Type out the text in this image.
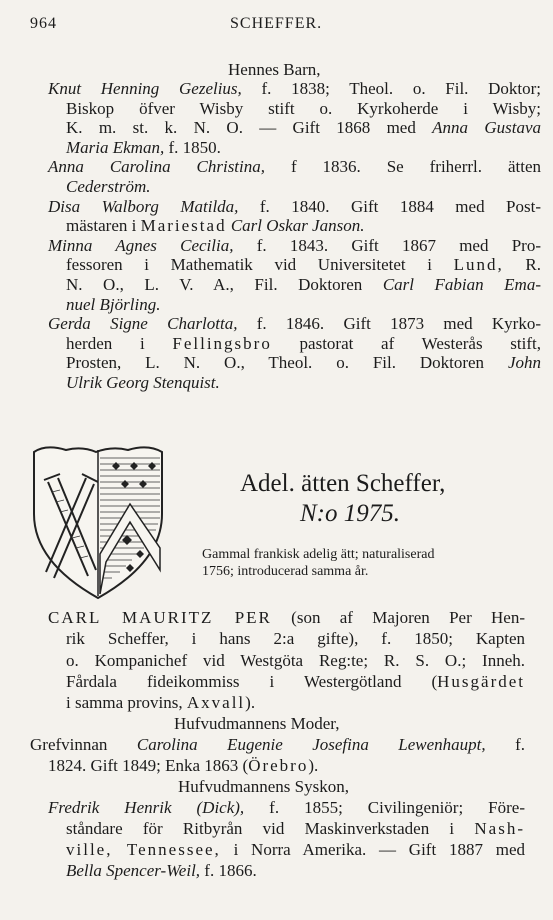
964	SCHEFFER.
Hennes Barn,
Knut Henning Gezelius, f. 1838; Theol. o. Fil. Doktor;
Biskop öfver Wisby stift o. Kyrkoherde i Wisby;
K. m. st. k. N. O. — Gift 1868 med Anna Gustava
Maria Ekman, f. 1850.
Anna Carolina Christina, f 1836. Se friherrl. ätten
Cederström.
Disa Walborg Matilda, f. 1840. Gift 1884 med Post-
mästaren i Mariestad Carl Oskar Janson.
Minna Agnes Cecilia, f. 1843. Gift 1867 med Pro-
fessoren i Mathematik vid Universitetet i Lund, R.
N. O., L. V. A., Fil. Doktoren Carl Fabian Ema-
nuel Björling.
Gerda Signe Charlotta, f. 1846. Gift 1873 med Kyrko-
herden i Fellingsbro pastorat af Westerås stift,
Prosten, L. N. O., Theol. o. Fil. Doktoren John
Ulrik Georg Stenquist.
Adel. ätten Scheffer,
N:o 1975.
Gammal frankisk adelig ätt; naturaliserad
1756; introducerad samma år.
CARL MAURITZ PER (son af Majoren Per Hen-
rik Scheffer, i hans 2:a gifte), f. 1850; Kapten
o. Kompanichef vid Westgöta Reg:te; R. S. O.; Inneh.
Fårdala fideikommiss i Westergötland (Husgärdet
i samma provins, Axvall).
Hufvudmannens Moder,
Grefvinnan Carolina Eugenie Josefina Lewenhaupt, f.
1824. Gift 1849; Enka 1863 (Örebro).
Hufvudmannens Syskon,
Fredrik Henrik (Dick), f. 1855; Civilingeniör; Före-
ståndare för Ritbyrån vid Maskinverkstaden i Nash-
ville, Tennessee, i Norra Amerika. — Gift 1887 med
Bella Spencer-Weil, f. 1866.
